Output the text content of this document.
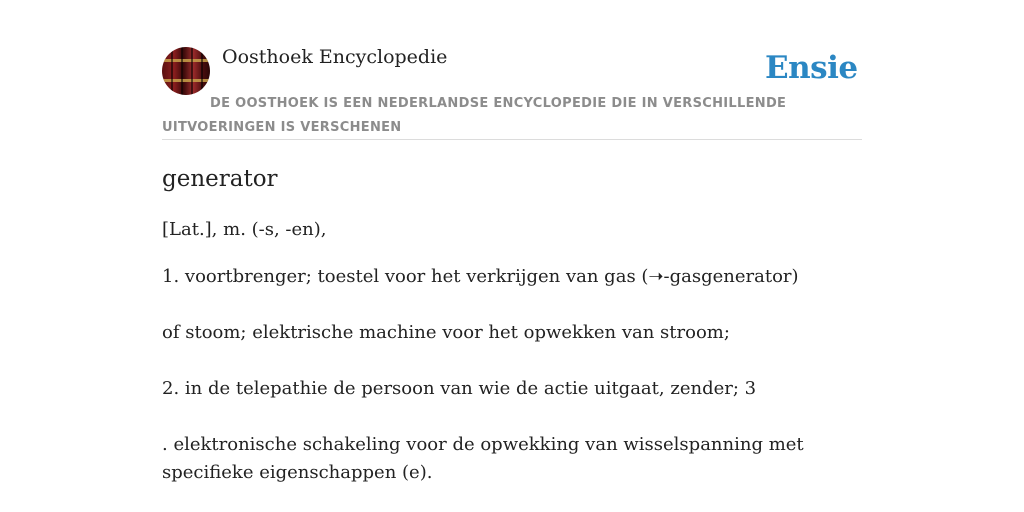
Oosthoek Encyclopedie	Ensie
DE OOSTHOEK IS EEN NEDERLANDSE ENCYCLOPEDIE DIE IN VERSCHILLENDE UITVOERINGEN IS VERSCHENEN
generator

[Lat.], m. (-s, -en),

1. voortbrenger; toestel voor het verkrijgen van gas (➝-gasgenerator)

of stoom; elektrische machine voor het opwekken van stroom;

2. in de telepathie de persoon van wie de actie uitgaat, zender; 3

. elektronische schakeling voor de opwekking van wisselspanning met specifieke eigenschappen (e).
